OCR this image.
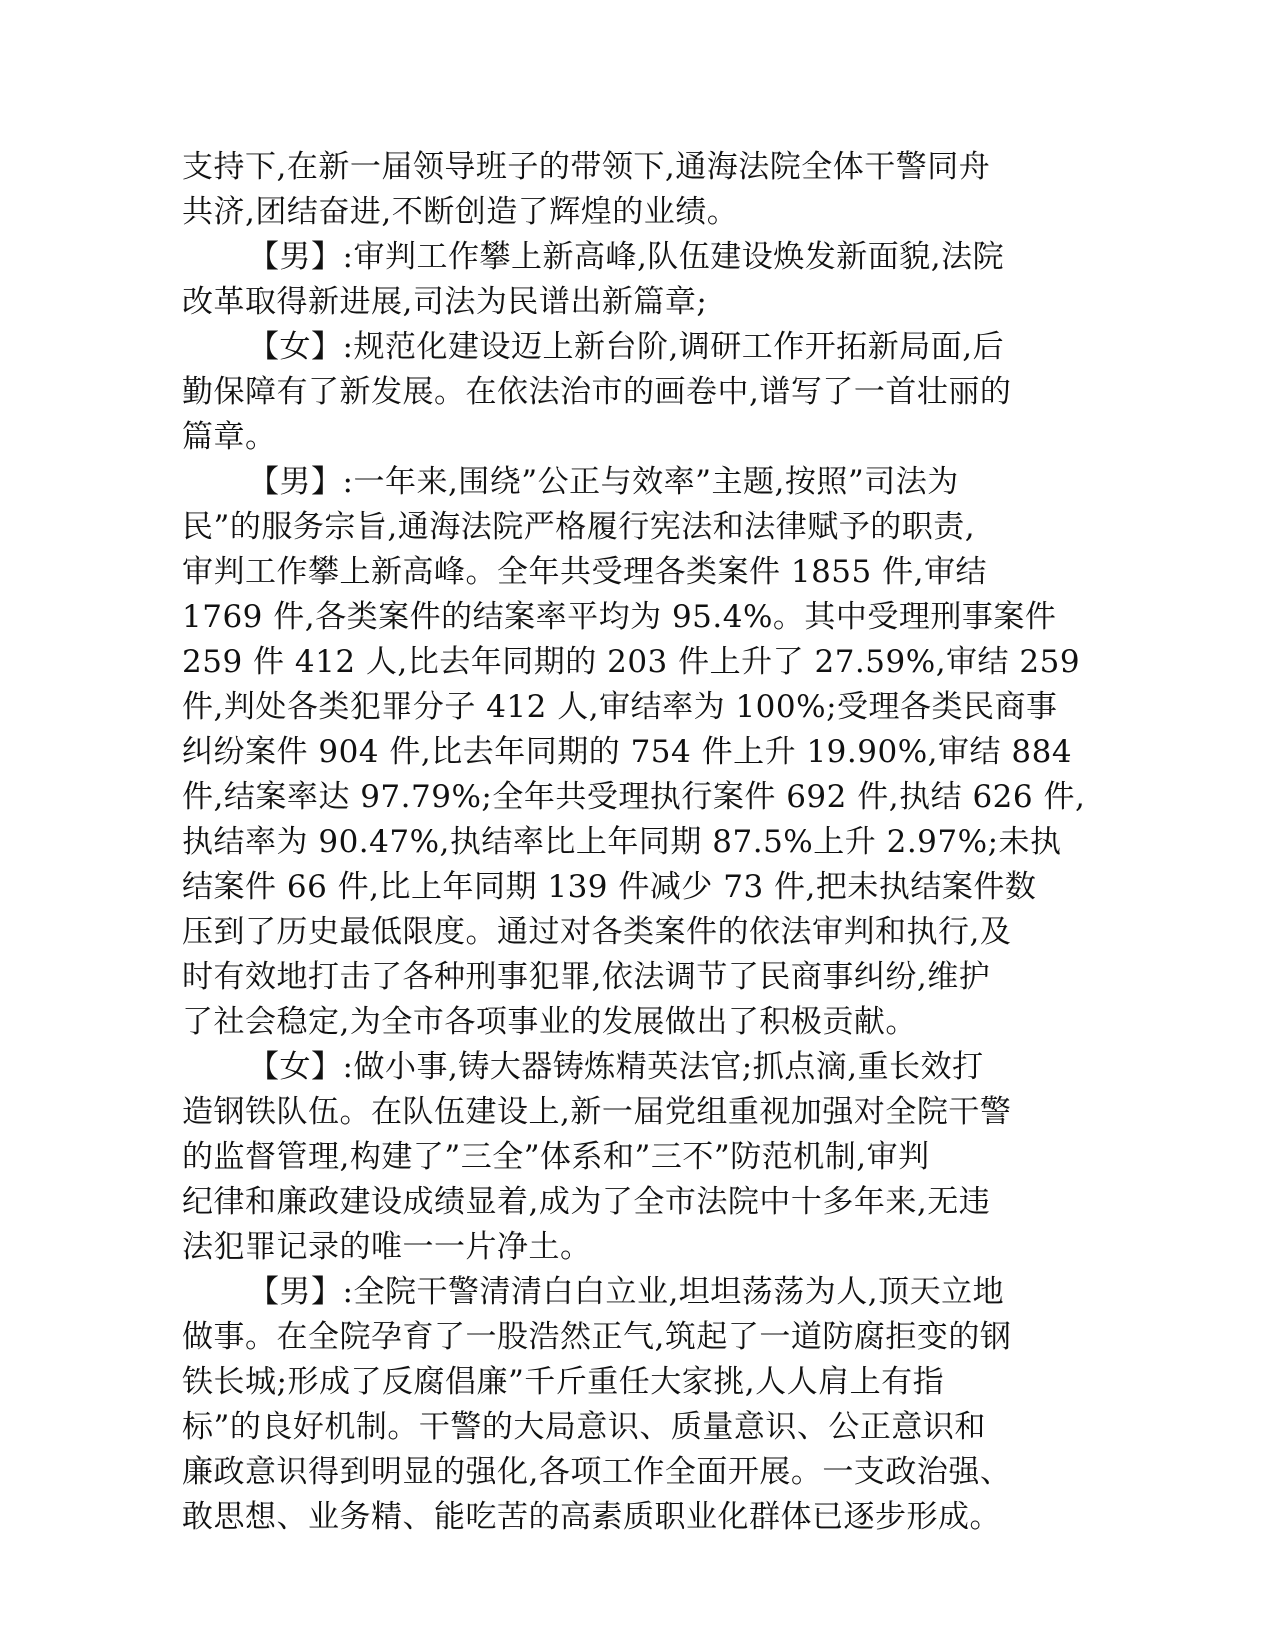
支持下,在新一届领导班子的带领下,通海法院全体干警同舟
共济,团结奋进,不断创造了辉煌的业绩。
【男】:审判工作攀上新高峰,队伍建设焕发新面貌,法院
改革取得新进展,司法为民谱出新篇章;
【女】:规范化建设迈上新台阶,调研工作开拓新局面,后
勤保障有了新发展。在依法治市的画卷中,谱写了一首壮丽的
篇章。
【男】:一年来,围绕”公正与效率”主题,按照”司法为
民”的服务宗旨,通海法院严格履行宪法和法律赋予的职责,
审判工作攀上新高峰。全年共受理各类案件 1855 件,审结
1769 件,各类案件的结案率平均为 95.4%。其中受理刑事案件
259 件 412 人,比去年同期的 203 件上升了 27.59%,审结 259
件,判处各类犯罪分子 412 人,审结率为 100%;受理各类民商事
纠纷案件 904 件,比去年同期的 754 件上升 19.90%,审结 884
件,结案率达 97.79%;全年共受理执行案件 692 件,执结 626 件,
执结率为 90.47%,执结率比上年同期 87.5%上升 2.97%;未执
结案件 66 件,比上年同期 139 件减少 73 件,把未执结案件数
压到了历史最低限度。通过对各类案件的依法审判和执行,及
时有效地打击了各种刑事犯罪,依法调节了民商事纠纷,维护
了社会稳定,为全市各项事业的发展做出了积极贡献。
【女】:做小事,铸大器铸炼精英法官;抓点滴,重长效打
造钢铁队伍。在队伍建设上,新一届党组重视加强对全院干警
的监督管理,构建了”三全”体系和”三不”防范机制,审判
纪律和廉政建设成绩显着,成为了全市法院中十多年来,无违
法犯罪记录的唯一一片净土。
【男】:全院干警清清白白立业,坦坦荡荡为人,顶天立地
做事。在全院孕育了一股浩然正气,筑起了一道防腐拒变的钢
铁长城;形成了反腐倡廉”千斤重任大家挑,人人肩上有指
标”的良好机制。干警的大局意识、质量意识、公正意识和
廉政意识得到明显的强化,各项工作全面开展。一支政治强、
敢思想、业务精、能吃苦的高素质职业化群体已逐步形成。
